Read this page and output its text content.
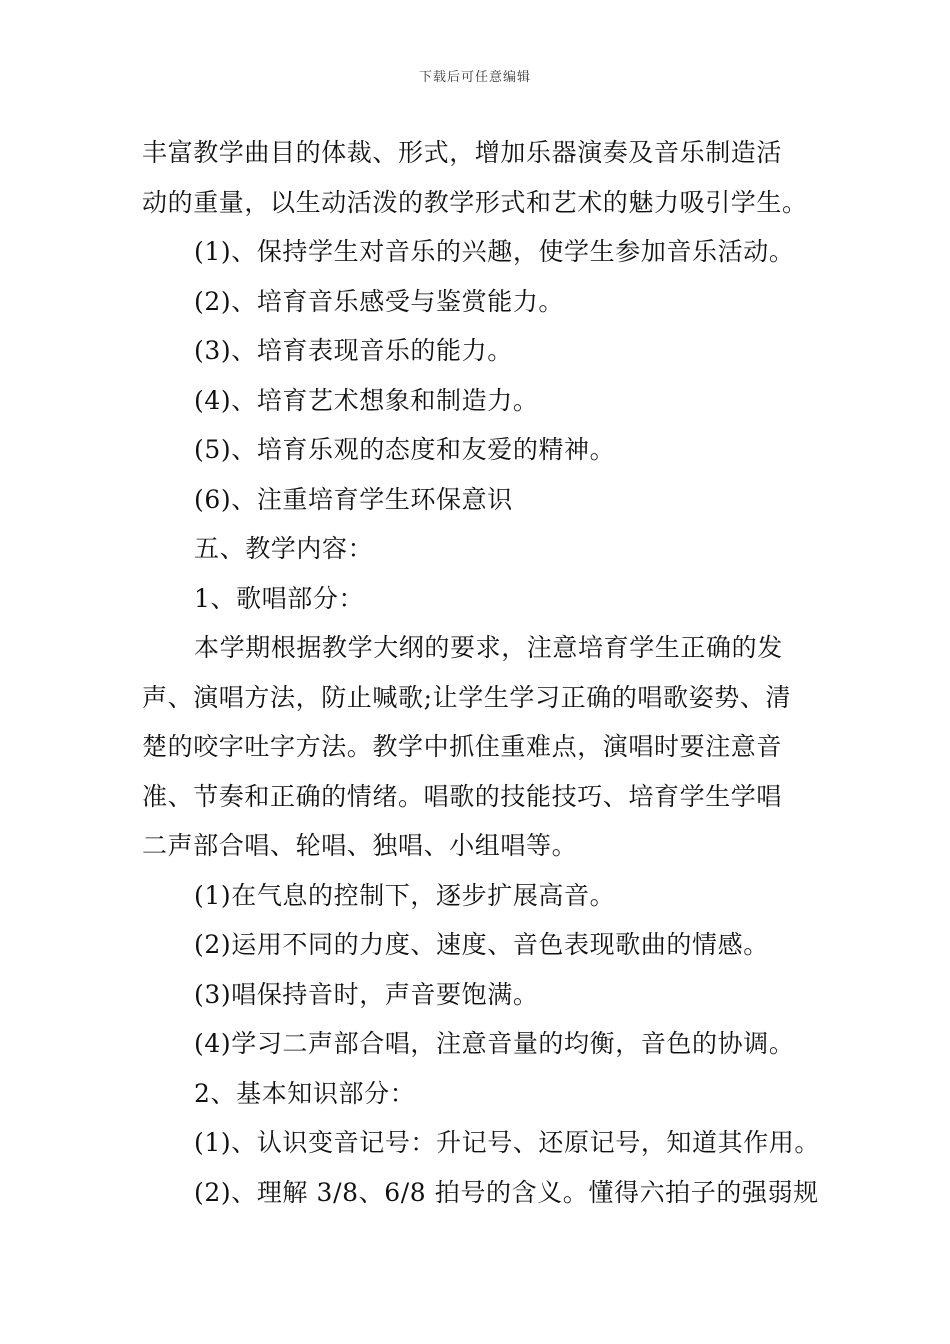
下载后可任意编辑
丰富教学曲目的体裁、形式，增加乐器演奏及音乐制造活
动的重量，以生动活泼的教学形式和艺术的魅力吸引学生。
(1)、保持学生对音乐的兴趣，使学生参加音乐活动。
(2)、培育音乐感受与鉴赏能力。
(3)、培育表现音乐的能力。
(4)、培育艺术想象和制造力。
(5)、培育乐观的态度和友爱的精神。
(6)、注重培育学生环保意识
五、教学内容：
1、歌唱部分：
本学期根据教学大纲的要求，注意培育学生正确的发
声、演唱方法，防止喊歌;让学生学习正确的唱歌姿势、清
楚的咬字吐字方法。教学中抓住重难点，演唱时要注意音
准、节奏和正确的情绪。唱歌的技能技巧、培育学生学唱
二声部合唱、轮唱、独唱、小组唱等。
(1)在气息的控制下，逐步扩展高音。
(2)运用不同的力度、速度、音色表现歌曲的情感。
(3)唱保持音时，声音要饱满。
(4)学习二声部合唱，注意音量的均衡，音色的协调。
2、基本知识部分：
(1)、认识变音记号：升记号、还原记号，知道其作用。
(2)、理解 3/8、6/8 拍号的含义。懂得六拍子的强弱规
